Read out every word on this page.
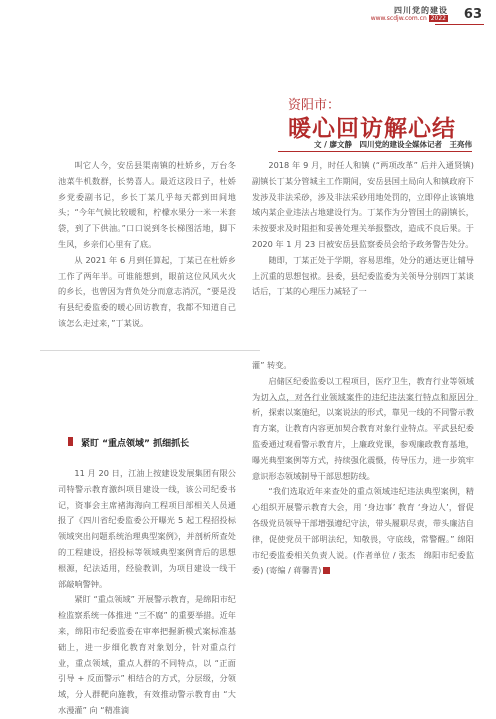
四川党的建设
www.scdjw.com.cn 2022 63
资阳市：
暖心回访解心结
文 / 廖文静　四川党的建设全媒体记者　王亮伟

叫它人今，安岳县渠南镇的杜娇乡，万台冬池菜牛机数群，长势喜人。最近这段日子，杜娇乡党委副书记，乡长丁某几乎每天都到田间地头；“今年气候比较暖和，柠檬水果分一米一米套袋，到了下供油。”口口说到冬长梯图活地，脚下生风，乡亲们心里有了底。

从 2021 年 6 月到任算起，丁某已在杜娇乡工作了两年半。可谁能想到，眼前这位风风火火的乡长，也曾因为背负处分而意志消沉，“要是没有县纪委监委的暖心回访教育，我都不知道自己该怎么走过来，”丁某说。

2018 年 9 月，时任人和镇 (“两项改革” 后并入通贤镇) 副镇长丁某分管城主工作期间，安岳县国土局向人和镇政府下发涉及非法采砂，涉及非法采砂用地处罚的，立即停止该镇地域内某企业违法占地建设行为。丁某作为分管国土的副镇长，未按要求及时阻拒和妥善处理关举报整改，造成不良后果。于 2020 年 1 月 23 日被安岳县监察委员会给予政务警告处分。

随即，丁某正处于学期，容易思维，处分的通达更让辅导上沉重的思想包袱。县委，县纪委监委为关领导分别四丁某谈话后，丁某的心理压力减轻了一

紧盯 “重点领域” 抓细抓长

11 月 20 日，江油上按建设发展集团有限公司特警示教育激纠项目建设一线，该公司纪委书记，资事会主席褚海海向工程项目部相关人员通报了《四川省纪委监委公开曝光 5 起工程招投标领域突出问题系统治理典型案例》，并剖析所查处的工程建设，招投标等领域典型案例背后的思想根源，纪法适用，经验教训，为项目建设一线干部敲响警钟。

紧盯 “重点领域” 开展警示教育，是绵阳市纪检监察系统一体推进 “三不腐” 的重要举措。近年来，绵阳市纪委监委在审率把握新模式案标准基础上，进一步细化教育对象划分，针对重点行业，重点领域，重点人群的不同特点，以 “正面引导 + 反面警示” 相结合的方式，分层级，分领域，分人群靶向施教，有效推动警示教育由 “大水漫灌” 向 “精准滴

灌” 转变。

启储区纪委监委以工程项目，医疗卫生，教育行业等领域为切入点，对各行业领域案件的违纪违法案行特点和原因分析，探索以案施纪，以案说法的形式，靠见一线的不同警示教育方案，让教育内容更加契合教育对象行业特点。平武县纪委监委通过观看警示教育片，上廉政党课，参观廉政教育基地，曝光典型案例等方式，持续强化震慑，传导压力，进一步筑牢意识形态领域制导干部思想防线。

“我们选取近年来查处的重点领域违纪违法典型案例，精心组织开展警示教育大会，用 ‘身边事’ 教育 ‘身边人’，督促各级党员领导干部增强遵纪守法，带头履职尽责，带头廉洁自律，促使党员干部明法纪，知敬畏，守底线，常警醒。” 绵阳市纪委监委相关负责人说。(作者单位 / 张杰　绵阳市纪委监委) (寄编 / 蒋馨青)
